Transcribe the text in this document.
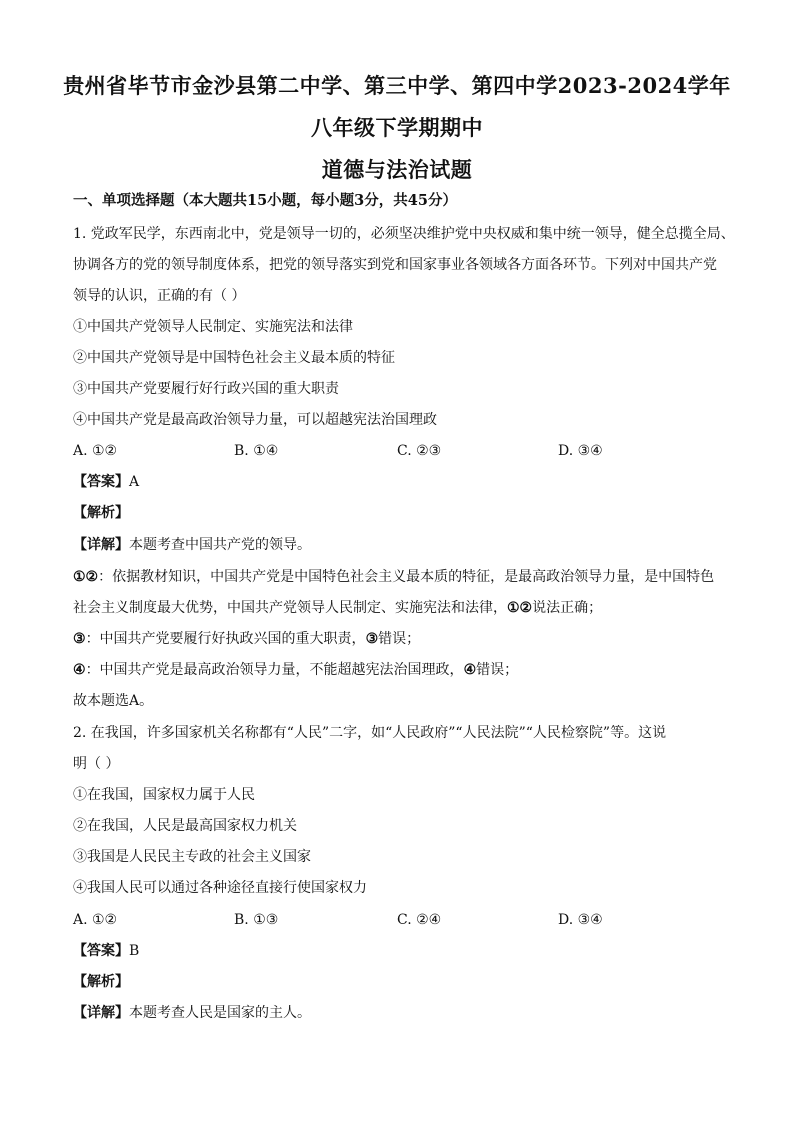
贵州省毕节市金沙县第二中学、第三中学、第四中学2023-2024学年
八年级下学期期中
道德与法治试题
一、单项选择题（本大题共15小题，每小题3分，共45分）
1. 党政军民学，东西南北中，党是领导一切的，必须坚决维护党中央权威和集中统一领导，健全总揽全局、
协调各方的党的领导制度体系，把党的领导落实到党和国家事业各领域各方面各环节。下列对中国共产党
领导的认识，正确的有（ ）
①中国共产党领导人民制定、实施宪法和法律
②中国共产党领导是中国特色社会主义最本质的特征
③中国共产党要履行好行政兴国的重大职责
④中国共产党是最高政治领导力量，可以超越宪法治国理政
A. ①②	B. ①④	C. ②③	D. ③④
【答案】A
【解析】
【详解】本题考查中国共产党的领导。
①②：依据教材知识，中国共产党是中国特色社会主义最本质的特征，是最高政治领导力量，是中国特色
社会主义制度最大优势，中国共产党领导人民制定、实施宪法和法律，①②说法正确；
③：中国共产党要履行好执政兴国的重大职责，③错误；
④：中国共产党是最高政治领导力量，不能超越宪法治国理政，④错误；
故本题选A。
2. 在我国，许多国家机关名称都有“人民”二字，如“人民政府”“人民法院”“人民检察院”等。这说
明（ ）
①在我国，国家权力属于人民
②在我国，人民是最高国家权力机关
③我国是人民民主专政的社会主义国家
④我国人民可以通过各种途径直接行使国家权力
A. ①②	B. ①③	C. ②④	D. ③④
【答案】B
【解析】
【详解】本题考查人民是国家的主人。
